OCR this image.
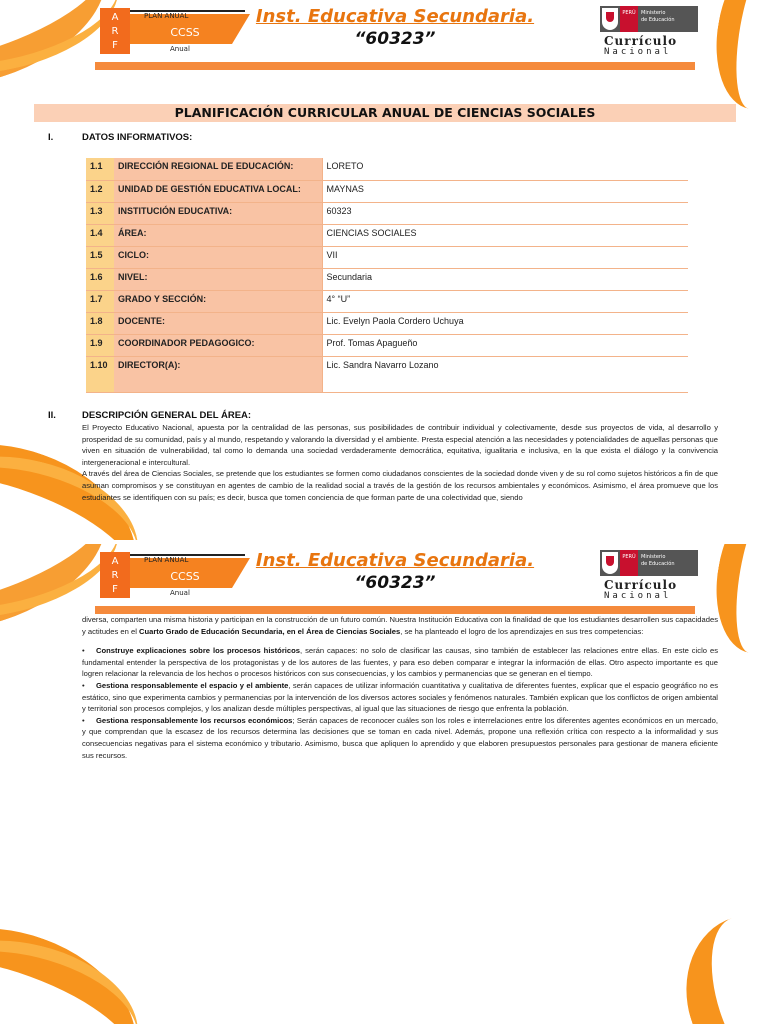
A
R
F
PLAN ANUAL
CCSS
Anual
Inst. Educativa Secundaria.
“60323”
PERÚ	Ministerio
de Educación
Currículo
Nacional
PLANIFICACIÓN CURRICULAR ANUAL DE CIENCIAS SOCIALES
I.	DATOS INFORMATIVOS:
1.1	DIRECCIÓN REGIONAL DE EDUCACIÓN:	LORETO
1.2	UNIDAD DE GESTIÓN EDUCATIVA LOCAL:	MAYNAS
1.3	INSTITUCIÓN EDUCATIVA:	60323
1.4	ÁREA:	CIENCIAS SOCIALES
1.5	CICLO:	VII
1.6	NIVEL:	Secundaria
1.7	GRADO Y SECCIÓN:	4° “U”
1.8	DOCENTE:	Lic. Evelyn Paola Cordero Uchuya
1.9	COORDINADOR PEDAGOGICO:	Prof. Tomas Apagueño
1.10	DIRECTOR(A):	Lic. Sandra Navarro Lozano
II.	DESCRIPCIÓN GENERAL DEL ÁREA:

El Proyecto Educativo Nacional, apuesta por la centralidad de las personas, sus posibilidades de contribuir individual y colectivamente, desde sus proyectos de vida, al desarrollo y prosperidad de su comunidad, país y al mundo, respetando y valorando la diversidad y el ambiente. Presta especial atención a las necesidades y potencialidades de aquellas personas que viven en situación de vulnerabilidad, tal como lo demanda una sociedad verdaderamente democrática, equitativa, igualitaria e inclusiva, en la que exista el diálogo y la convivencia intergeneracional e intercultural.

A través del área de Ciencias Sociales, se pretende que los estudiantes se formen como ciudadanos conscientes de la sociedad donde viven y de su rol como sujetos históricos a fin de que asuman compromisos y se constituyan en agentes de cambio de la realidad social a través de la gestión de los recursos ambientales y económicos. Asimismo, el área promueve que los estudiantes se identifiquen con su país; es decir, busca que tomen conciencia de que forman parte de una colectividad que, siendo

A
R
F
PLAN ANUAL
CCSS
Anual
Inst. Educativa Secundaria.
“60323”
PERÚ	Ministerio
de Educación
Currículo
Nacional

diversa, comparten una misma historia y participan en la construcción de un futuro común. Nuestra Institución Educativa con la finalidad de que los estudiantes desarrollen sus capacidades y actitudes en el Cuarto Grado de Educación Secundaria, en el Área de Ciencias Sociales, se ha planteado el logro de los aprendizajes en sus tres competencias:

• Construye explicaciones sobre los procesos históricos, serán capaces: no solo de clasificar las causas, sino también de establecer las relaciones entre ellas. En este ciclo es fundamental entender la perspectiva de los protagonistas y de los autores de las fuentes, y para eso deben comparar e integrar la información de ellas. Otro aspecto importante es que logren relacionar la relevancia de los hechos o procesos históricos con sus consecuencias, y los cambios y permanencias que se generan en el tiempo.

• Gestiona responsablemente el espacio y el ambiente, serán capaces de utilizar información cuantitativa y cualitativa de diferentes fuentes, explicar que el espacio geográfico no es estático, sino que experimenta cambios y permanencias por la intervención de los diversos actores sociales y fenómenos naturales. También explican que los conflictos de origen ambiental y territorial son procesos complejos, y los analizan desde múltiples perspectivas, al igual que las situaciones de riesgo que enfrenta la población.

• Gestiona responsablemente los recursos económicos; Serán capaces de reconocer cuáles son los roles e interrelaciones entre los diferentes agentes económicos en un mercado, y que comprendan que la escasez de los recursos determina las decisiones que se toman en cada nivel. Además, propone una reflexión crítica con respecto a la informalidad y sus consecuencias negativas para el sistema económico y tributario. Asimismo, busca que apliquen lo aprendido y que elaboren presupuestos personales para gestionar de manera eficiente sus recursos.
